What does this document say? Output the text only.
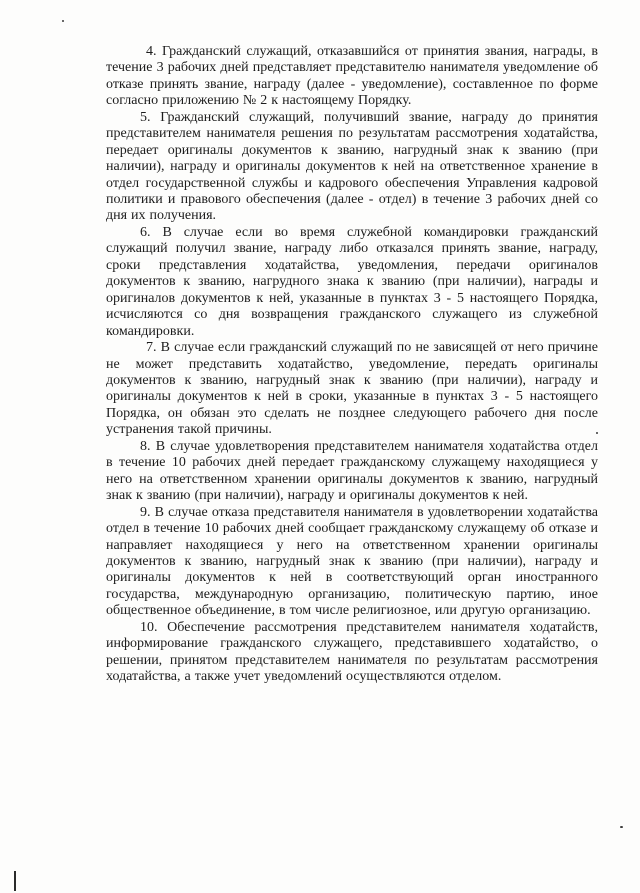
4. Гражданский служащий, отказавшийся от принятия звания, награды, в течение 3 рабочих дней представляет представителю нанимателя уведомление об отказе принять звание, награду (далее - уведомление), составленное по форме согласно приложению № 2 к настоящему Порядку.

5. Гражданский служащий, получивший звание, награду до принятия представителем нанимателя решения по результатам рассмотрения ходатайства, передает оригиналы документов к званию, нагрудный знак к званию (при наличии), награду и оригиналы документов к ней на ответственное хранение в отдел государственной службы и кадрового обеспечения Управления кадровой политики и правового обеспечения (далее - отдел) в течение 3 рабочих дней со дня их получения.

6. В случае если во время служебной командировки гражданский служащий получил звание, награду либо отказался принять звание, награду, сроки представления ходатайства, уведомления, передачи оригиналов документов к званию, нагрудного знака к званию (при наличии), награды и оригиналов документов к ней, указанные в пунктах 3 - 5 настоящего Порядка, исчисляются со дня возвращения гражданского служащего из служебной командировки.

7. В случае если гражданский служащий по не зависящей от него причине не может представить ходатайство, уведомление, передать оригиналы документов к званию, нагрудный знак к званию (при наличии), награду и оригиналы документов к ней в сроки, указанные в пунктах 3 - 5 настоящего Порядка, он обязан это сделать не позднее следующего рабочего дня после устранения такой причины.

8. В случае удовлетворения представителем нанимателя ходатайства отдел в течение 10 рабочих дней передает гражданскому служащему находящиеся у него на ответственном хранении оригиналы документов к званию, нагрудный знак к званию (при наличии), награду и оригиналы документов к ней.

9. В случае отказа представителя нанимателя в удовлетворении ходатайства отдел в течение 10 рабочих дней сообщает гражданскому служащему об отказе и направляет находящиеся у него на ответственном хранении оригиналы документов к званию, нагрудный знак к званию (при наличии), награду и оригиналы документов к ней в соответствующий орган иностранного государства, международную организацию, политическую партию, иное общественное объединение, в том числе религиозное, или другую организацию.

10. Обеспечение рассмотрения представителем нанимателя ходатайств, информирование гражданского служащего, представившего ходатайство, о решении, принятом представителем нанимателя по результатам рассмотрения ходатайства, а также учет уведомлений осуществляются отделом.
